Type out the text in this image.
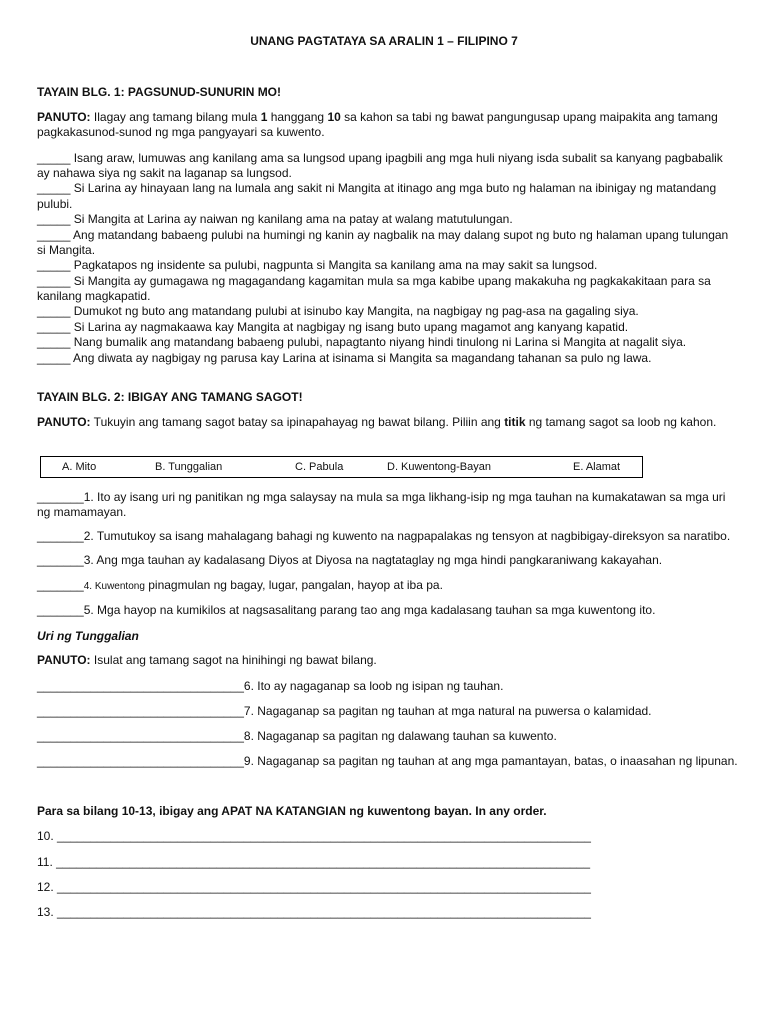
UNANG PAGTATAYA SA ARALIN 1 – FILIPINO 7
TAYAIN BLG. 1: PAGSUNUD-SUNURIN MO!
PANUTO: Ilagay ang tamang bilang mula 1 hanggang 10 sa kahon sa tabi ng bawat pangungusap upang maipakita ang tamang
pagkakasunod-sunod ng mga pangyayari sa kuwento.
_____ Isang araw, lumuwas ang kanilang ama sa lungsod upang ipagbili ang mga huli niyang isda subalit sa kanyang pagbabalik
ay nahawa siya ng sakit na laganap sa lungsod.
_____ Si Larina ay hinayaan lang na lumala ang sakit ni Mangita at itinago ang mga buto ng halaman na ibinigay ng matandang
pulubi.
_____ Si Mangita at Larina ay naiwan ng kanilang ama na patay at walang matutulungan.
_____ Ang matandang babaeng pulubi na humingi ng kanin ay nagbalik na may dalang supot ng buto ng halaman upang tulungan
si Mangita.
_____ Pagkatapos ng insidente sa pulubi, nagpunta si Mangita sa kanilang ama na may sakit sa lungsod.
_____ Si Mangita ay gumagawa ng magagandang kagamitan mula sa mga kabibe upang makakuha ng pagkakakitaan para sa
kanilang magkapatid.
_____ Dumukot ng buto ang matandang pulubi at isinubo kay Mangita, na nagbigay ng pag-asa na gagaling siya.
_____ Si Larina ay nagmakaawa kay Mangita at nagbigay ng isang buto upang magamot ang kanyang kapatid.
_____ Nang bumalik ang matandang babaeng pulubi, napagtanto niyang hindi tinulong ni Larina si Mangita at nagalit siya.
_____ Ang diwata ay nagbigay ng parusa kay Larina at isinama si Mangita sa magandang tahanan sa pulo ng lawa.
TAYAIN BLG. 2: IBIGAY ANG TAMANG SAGOT!
PANUTO: Tukuyin ang tamang sagot batay sa ipinapahayag ng bawat bilang. Piliin ang titik ng tamang sagot sa loob ng kahon.
A. Mito	B. Tunggalian	C. Pabula	D. Kuwentong-Bayan	E. Alamat
_______1. Ito ay isang uri ng panitikan ng mga salaysay na mula sa mga likhang-isip ng mga tauhan na kumakatawan sa mga uri
ng mamamayan.
_______2. Tumutukoy sa isang mahalagang bahagi ng kuwento na nagpapalakas ng tensyon at nagbibigay-direksyon sa naratibo.
_______3. Ang mga tauhan ay kadalasang Diyos at Diyosa na nagtataglay ng mga hindi pangkaraniwang kakayahan.
_______4. Kuwentong pinagmulan ng bagay, lugar, pangalan, hayop at iba pa.
_______5. Mga hayop na kumikilos at nagsasalitang parang tao ang mga kadalasang tauhan sa mga kuwentong ito.
Uri ng Tunggalian
PANUTO: Isulat ang tamang sagot na hinihingi ng bawat bilang.
_______________________________6. Ito ay nagaganap sa loob ng isipan ng tauhan.
_______________________________7. Nagaganap sa pagitan ng tauhan at mga natural na puwersa o kalamidad.
_______________________________8. Nagaganap sa pagitan ng dalawang tauhan sa kuwento.
_______________________________9. Nagaganap sa pagitan ng tauhan at ang mga pamantayan, batas, o inaasahan ng lipunan.
Para sa bilang 10-13, ibigay ang APAT NA KATANGIAN ng kuwentong bayan. In any order.
10. ________________________________________________________________________________
11. ________________________________________________________________________________
12. ________________________________________________________________________________
13. ________________________________________________________________________________
